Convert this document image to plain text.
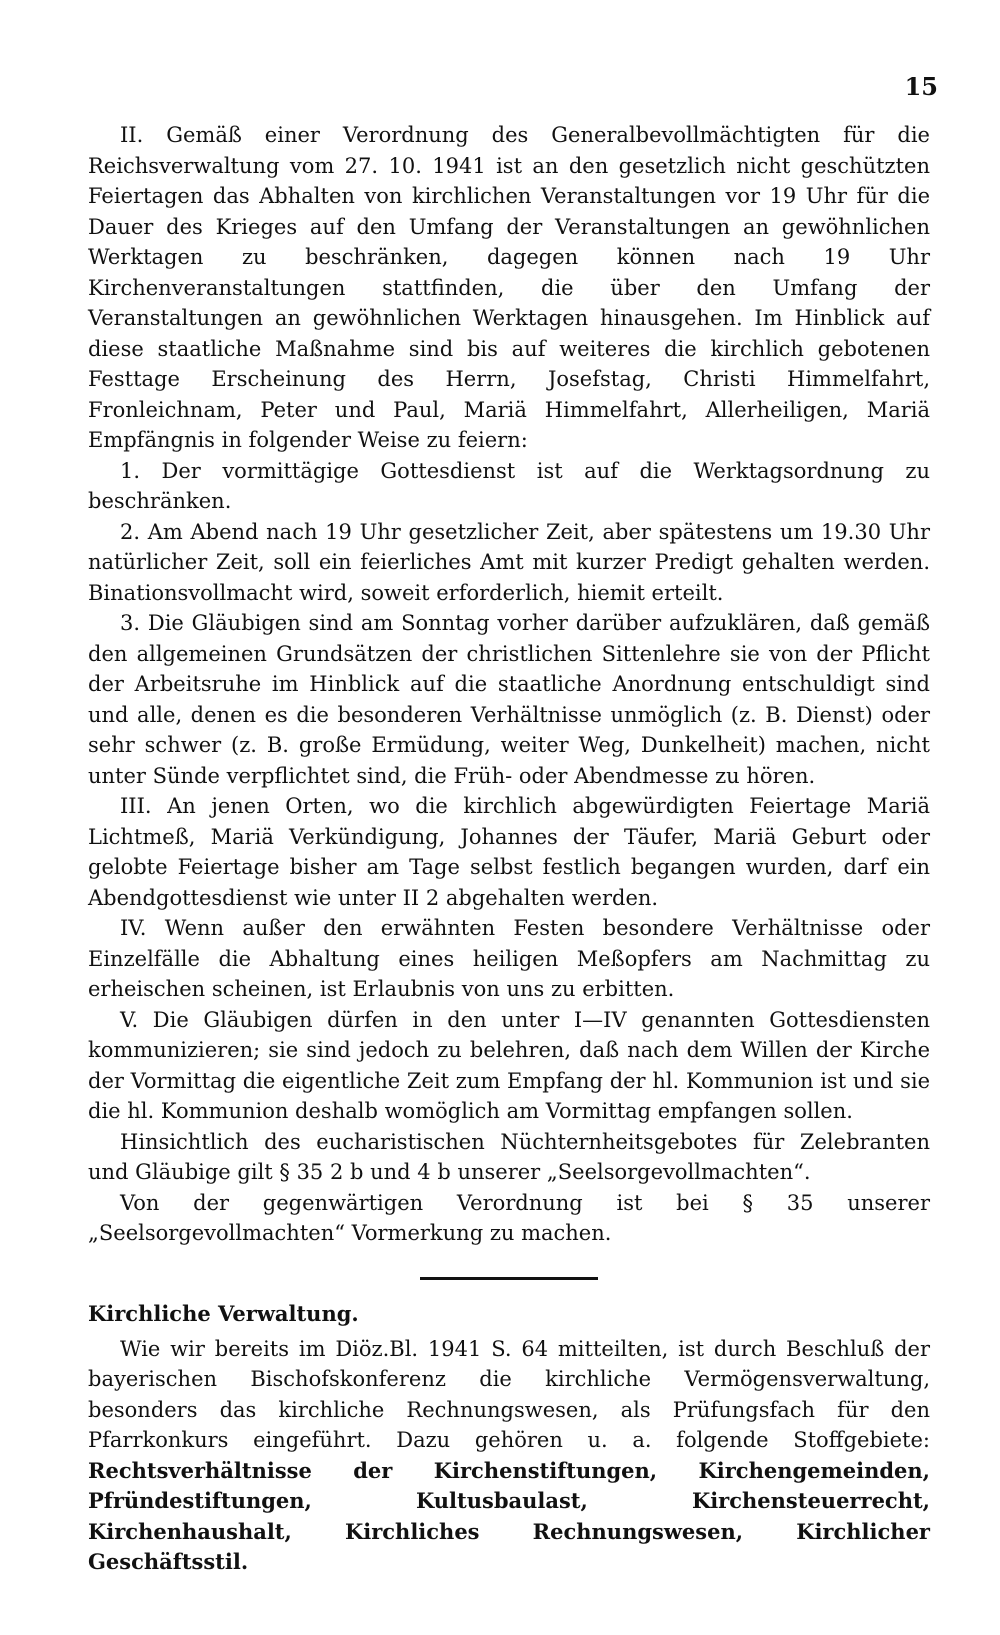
15

II. Gemäß einer Verordnung des Generalbevollmächtigten für die Reichsverwaltung vom 27. 10. 1941 ist an den gesetzlich nicht geschützten Feiertagen das Abhalten von kirchlichen Veranstaltungen vor 19 Uhr für die Dauer des Krieges auf den Umfang der Veranstaltungen an gewöhnlichen Werktagen zu beschränken, dagegen können nach 19 Uhr Kirchenveranstaltungen stattfinden, die über den Umfang der Veranstaltungen an gewöhnlichen Werktagen hinausgehen. Im Hinblick auf diese staatliche Maßnahme sind bis auf weiteres die kirchlich gebotenen Festtage Erscheinung des Herrn, Josefstag, Christi Himmelfahrt, Fronleichnam, Peter und Paul, Mariä Himmelfahrt, Allerheiligen, Mariä Empfängnis in folgender Weise zu feiern:

1. Der vormittägige Gottesdienst ist auf die Werktagsordnung zu beschränken.

2. Am Abend nach 19 Uhr gesetzlicher Zeit, aber spätestens um 19.30 Uhr natürlicher Zeit, soll ein feierliches Amt mit kurzer Predigt gehalten werden. Binationsvollmacht wird, soweit erforderlich, hiemit erteilt.

3. Die Gläubigen sind am Sonntag vorher darüber aufzuklären, daß gemäß den allgemeinen Grundsätzen der christlichen Sittenlehre sie von der Pflicht der Arbeitsruhe im Hinblick auf die staatliche Anordnung entschuldigt sind und alle, denen es die besonderen Verhältnisse unmöglich (z. B. Dienst) oder sehr schwer (z. B. große Ermüdung, weiter Weg, Dunkelheit) machen, nicht unter Sünde verpflichtet sind, die Früh- oder Abendmesse zu hören.

III. An jenen Orten, wo die kirchlich abgewürdigten Feiertage Mariä Lichtmeß, Mariä Verkündigung, Johannes der Täufer, Mariä Geburt oder gelobte Feiertage bisher am Tage selbst festlich begangen wurden, darf ein Abendgottesdienst wie unter II 2 abgehalten werden.

IV. Wenn außer den erwähnten Festen besondere Verhältnisse oder Einzelfälle die Abhaltung eines heiligen Meßopfers am Nachmittag zu erheischen scheinen, ist Erlaubnis von uns zu erbitten.

V. Die Gläubigen dürfen in den unter I—IV genannten Gottesdiensten kommunizieren; sie sind jedoch zu belehren, daß nach dem Willen der Kirche der Vormittag die eigentliche Zeit zum Empfang der hl. Kommunion ist und sie die hl. Kommunion deshalb womöglich am Vormittag empfangen sollen.

Hinsichtlich des eucharistischen Nüchternheitsgebotes für Zelebranten und Gläubige gilt § 35 2 b und 4 b unserer „Seelsorgevollmachten“.

Von der gegenwärtigen Verordnung ist bei § 35 unserer „Seelsorgevollmachten“ Vormerkung zu machen.

Kirchliche Verwaltung.

Wie wir bereits im Diöz.Bl. 1941 S. 64 mitteilten, ist durch Beschluß der bayerischen Bischofskonferenz die kirchliche Vermögensverwaltung, besonders das kirchliche Rechnungswesen, als Prüfungsfach für den Pfarrkonkurs eingeführt. Dazu gehören u. a. folgende Stoffgebiete: Rechtsverhältnisse der Kirchenstiftungen, Kirchengemeinden, Pfründestiftungen, Kultusbaulast, Kirchensteuerrecht, Kirchenhaushalt, Kirchliches Rechnungswesen, Kirchlicher Geschäftsstil.
